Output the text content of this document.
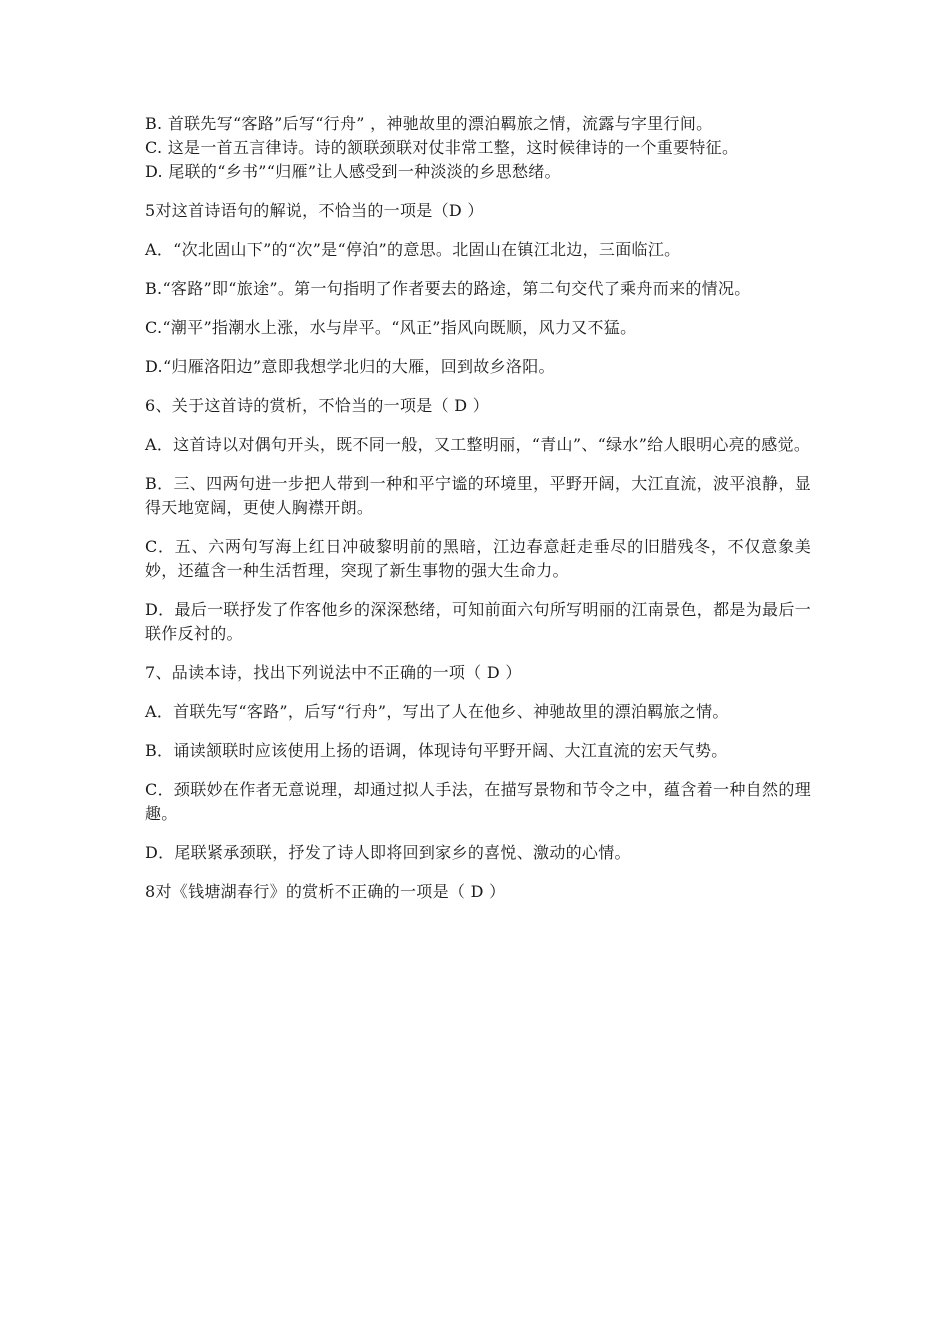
B. 首联先写“客路”后写“行舟” ，神驰故里的漂泊羁旅之情，流露与字里行间。

C. 这是一首五言律诗。诗的颔联颈联对仗非常工整，这时候律诗的一个重要特征。

D. 尾联的“乡书”“归雁”让人感受到一种淡淡的乡思愁绪。

5对这首诗语句的解说，不恰当的一项是（D ）

A．“次北固山下”的“次”是“停泊”的意思。北固山在镇江北边，三面临江。

B.“客路”即“旅途”。第一句指明了作者要去的路途，第二句交代了乘舟而来的情况。

C.“潮平”指潮水上涨，水与岸平。“风正”指风向既顺，风力又不猛。

D.“归雁洛阳边”意即我想学北归的大雁，回到故乡洛阳。

6、关于这首诗的赏析，不恰当的一项是（ D ）

A．这首诗以对偶句开头，既不同一般，又工整明丽，“青山”、“绿水”给人眼明心亮的感觉。

B．三、四两句进一步把人带到一种和平宁谧的环境里，平野开阔，大江直流，波平浪静，显得天地宽阔，更使人胸襟开朗。

C．五、六两句写海上红日冲破黎明前的黑暗，江边春意赶走垂尽的旧腊残冬，不仅意象美妙，还蕴含一种生活哲理，突现了新生事物的强大生命力。

D．最后一联抒发了作客他乡的深深愁绪，可知前面六句所写明丽的江南景色，都是为最后一联作反衬的。

7、品读本诗，找出下列说法中不正确的一项（ D ）

A．首联先写“客路”，后写“行舟”，写出了人在他乡、神驰故里的漂泊羁旅之情。

B．诵读颔联时应该使用上扬的语调，体现诗句平野开阔、大江直流的宏天气势。

C．颈联妙在作者无意说理，却通过拟人手法，在描写景物和节令之中，蕴含着一种自然的理趣。

D．尾联紧承颈联，抒发了诗人即将回到家乡的喜悦、激动的心情。

8对《钱塘湖春行》的赏析不正确的一项是（ D ）
